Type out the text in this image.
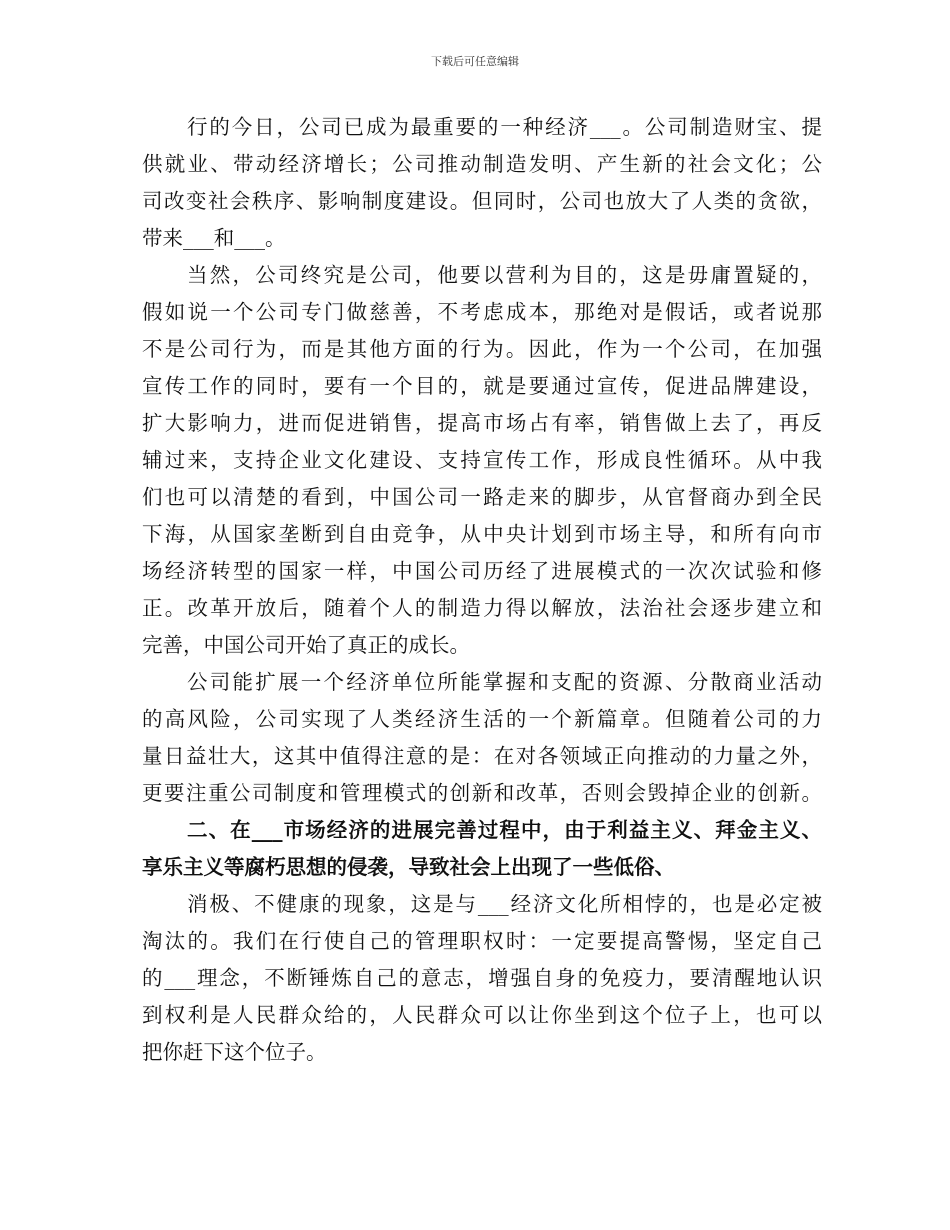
下载后可任意编辑
行的今日，公司已成为最重要的一种经济___。公司制造财宝、提
供就业、带动经济增长；公司推动制造发明、产生新的社会文化；公
司改变社会秩序、影响制度建设。但同时，公司也放大了人类的贪欲，
带来___和___。
当然，公司终究是公司，他要以营利为目的，这是毋庸置疑的，
假如说一个公司专门做慈善，不考虑成本，那绝对是假话，或者说那
不是公司行为，而是其他方面的行为。因此，作为一个公司，在加强
宣传工作的同时，要有一个目的，就是要通过宣传，促进品牌建设，
扩大影响力，进而促进销售，提高市场占有率，销售做上去了，再反
辅过来，支持企业文化建设、支持宣传工作，形成良性循环。从中我
们也可以清楚的看到，中国公司一路走来的脚步，从官督商办到全民
下海，从国家垄断到自由竞争，从中央计划到市场主导，和所有向市
场经济转型的国家一样，中国公司历经了进展模式的一次次试验和修
正。改革开放后，随着个人的制造力得以解放，法治社会逐步建立和
完善，中国公司开始了真正的成长。
公司能扩展一个经济单位所能掌握和支配的资源、分散商业活动
的高风险，公司实现了人类经济生活的一个新篇章。但随着公司的力
量日益壮大，这其中值得注意的是：在对各领域正向推动的力量之外，
更要注重公司制度和管理模式的创新和改革，否则会毁掉企业的创新。
二、在___市场经济的进展完善过程中，由于利益主义、拜金主义、
享乐主义等腐朽思想的侵袭，导致社会上出现了一些低俗、
消极、不健康的现象，这是与___经济文化所相悖的，也是必定被
淘汰的。我们在行使自己的管理职权时：一定要提高警惕，坚定自己
的___理念，不断锤炼自己的意志，增强自身的免疫力，要清醒地认识
到权利是人民群众给的，人民群众可以让你坐到这个位子上，也可以
把你赶下这个位子。
